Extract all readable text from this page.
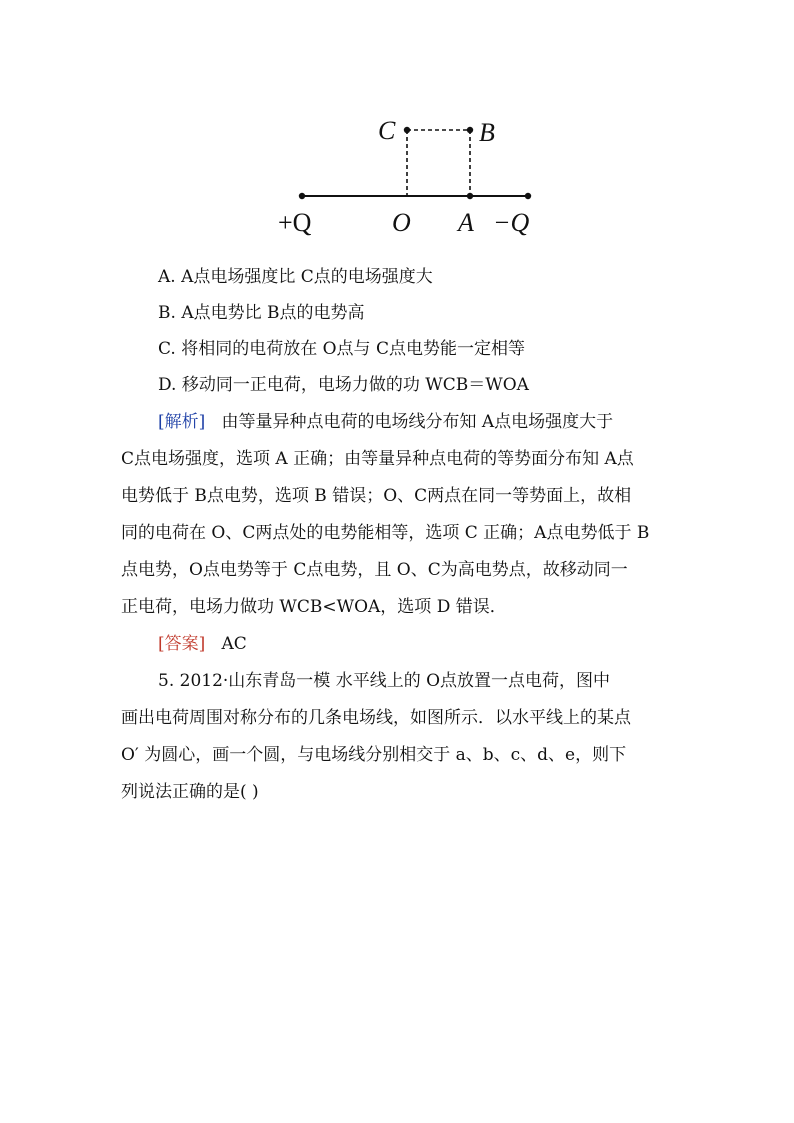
C	B
+Q	O A −Q
A. A点电场强度比 C点的电场强度大
B. A点电势比 B点的电势高
C. 将相同的电荷放在 O点与 C点电势能一定相等
D. 移动同一正电荷，电场力做的功 WCB＝WOA
[解析] 由等量异种点电荷的电场线分布知 A点电场强度大于
C点电场强度，选项 A 正确；由等量异种点电荷的等势面分布知 A点
电势低于 B点电势，选项 B 错误；O、C两点在同一等势面上，故相
同的电荷在 O、C两点处的电势能相等，选项 C 正确；A点电势低于 B
点电势，O点电势等于 C点电势，且 O、C为高电势点，故移动同一
正电荷，电场力做功 WCB<WOA，选项 D 错误．
[答案] AC
5. 2012·山东青岛一模 水平线上的 O点放置一点电荷，图中
画出电荷周围对称分布的几条电场线，如图所示．以水平线上的某点
O′ 为圆心，画一个圆，与电场线分别相交于 a、b、c、d、e，则下
列说法正确的是( )
